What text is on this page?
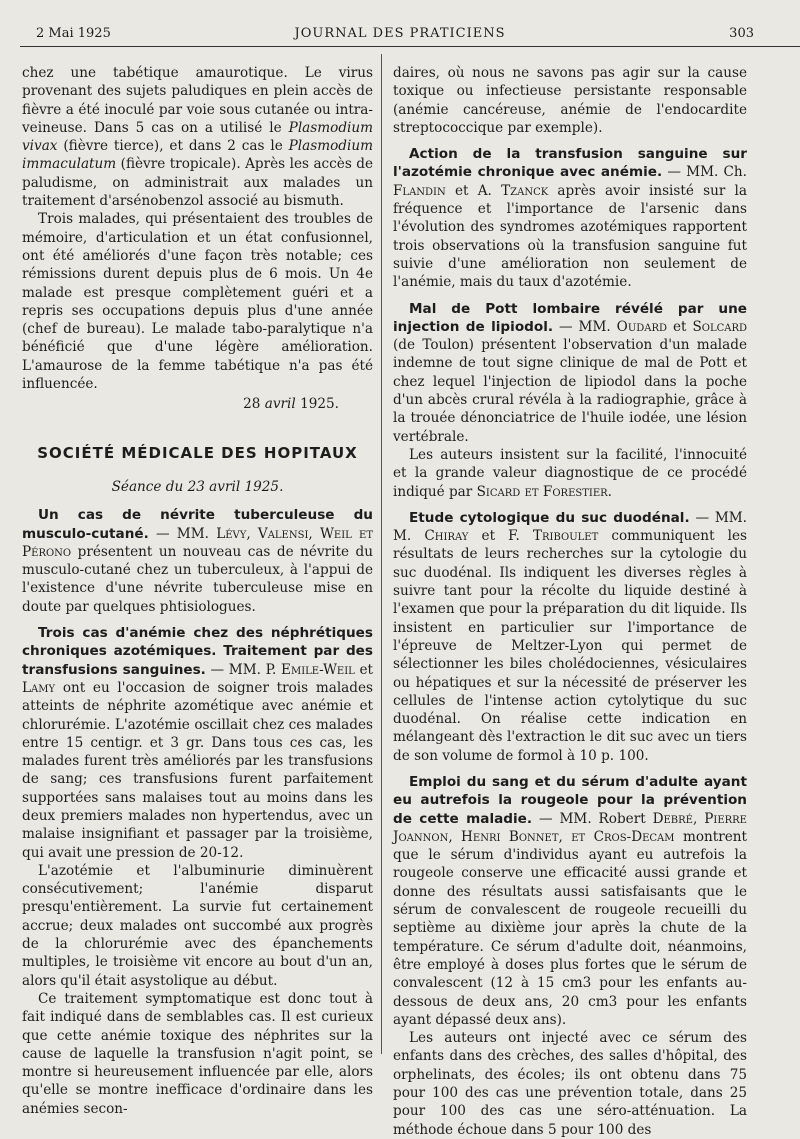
2 Mai 1925	JOURNAL DES PRATICIENS	303

chez une tabétique amaurotique. Le virus provenant des sujets paludiques en plein accès de fièvre a été inoculé par voie sous cutanée ou intra-veineuse. Dans 5 cas on a utilisé le Plasmodium vivax (fièvre tierce), et dans 2 cas le Plasmodium immaculatum (fièvre tropicale). Après les accès de paludisme, on administrait aux malades un traitement d'arsénobenzol associé au bismuth.

Trois malades, qui présentaient des troubles de mémoire, d'articulation et un état confusionnel, ont été améliorés d'une façon très notable; ces rémissions durent depuis plus de 6 mois. Un 4e malade est presque complètement guéri et a repris ses occupations depuis plus d'une année (chef de bureau). Le malade tabo-paralytique n'a bénéficié que d'une légère amélioration. L'amaurose de la femme tabétique n'a pas été influencée.

28 avril 1925.

SOCIÉTÉ MÉDICALE DES HOPITAUX
Séance du 23 avril 1925.

Un cas de névrite tuberculeuse du musculo-cutané. — MM. Lévy, Valensi, Weil et Pérono présentent un nouveau cas de névrite du musculo-cutané chez un tuberculeux, à l'appui de l'existence d'une névrite tuberculeuse mise en doute par quelques phtisiologues.

Trois cas d'anémie chez des néphrétiques chroniques azotémiques. Traitement par des transfusions sanguines. — MM. P. Emile-Weil et Lamy ont eu l'occasion de soigner trois malades atteints de néphrite azométique avec anémie et chlorurémie. L'azotémie oscillait chez ces malades entre 15 centigr. et 3 gr. Dans tous ces cas, les malades furent très améliorés par les transfusions de sang; ces transfusions furent parfaitement supportées sans malaises tout au moins dans les deux premiers malades non hypertendus, avec un malaise insignifiant et passager par la troisième, qui avait une pression de 20-12.

L'azotémie et l'albuminurie diminuèrent consécutivement; l'anémie disparut presqu'entièrement. La survie fut certainement accrue; deux malades ont succombé aux progrès de la chlorurémie avec des épanchements multiples, le troisième vit encore au bout d'un an, alors qu'il était asystolique au début.

Ce traitement symptomatique est donc tout à fait indiqué dans de semblables cas. Il est curieux que cette anémie toxique des néphrites sur la cause de laquelle la transfusion n'agit point, se montre si heureusement influencée par elle, alors qu'elle se montre inefficace d'ordinaire dans les anémies secon-

daires, où nous ne savons pas agir sur la cause toxique ou infectieuse persistante responsable (anémie cancéreuse, anémie de l'endocardite streptococcique par exemple).

Action de la transfusion sanguine sur l'azotémie chronique avec anémie. — MM. Ch. Flandin et A. Tzanck après avoir insisté sur la fréquence et l'importance de l'arsenic dans l'évolution des syndromes azotémiques rapportent trois observations où la transfusion sanguine fut suivie d'une amélioration non seulement de l'anémie, mais du taux d'azotémie.

Mal de Pott lombaire révélé par une injection de lipiodol. — MM. Oudard et Solcard (de Toulon) présentent l'observation d'un malade indemne de tout signe clinique de mal de Pott et chez lequel l'injection de lipiodol dans la poche d'un abcès crural révéla à la radiographie, grâce à la trouée dénonciatrice de l'huile iodée, une lésion vertébrale.

Les auteurs insistent sur la facilité, l'innocuité et la grande valeur diagnostique de ce procédé indiqué par Sicard et Forestier.

Etude cytologique du suc duodénal. — MM. M. Chiray et F. Triboulet communiquent les résultats de leurs recherches sur la cytologie du suc duodénal. Ils indiquent les diverses règles à suivre tant pour la récolte du liquide destiné à l'examen que pour la préparation du dit liquide. Ils insistent en particulier sur l'importance de l'épreuve de Meltzer-Lyon qui permet de sélectionner les biles cholédociennes, vésiculaires ou hépatiques et sur la nécessité de préserver les cellules de l'intense action cytolytique du suc duodénal. On réalise cette indication en mélangeant dès l'extraction le dit suc avec un tiers de son volume de formol à 10 p. 100.

Emploi du sang et du sérum d'adulte ayant eu autrefois la rougeole pour la prévention de cette maladie. — MM. Robert Debré, Pierre Joannon, Henri Bonnet, et Cros-Decam montrent que le sérum d'individus ayant eu autrefois la rougeole conserve une efficacité aussi grande et donne des résultats aussi satisfaisants que le sérum de convalescent de rougeole recueilli du septième au dixième jour après la chute de la température. Ce sérum d'adulte doit, néanmoins, être employé à doses plus fortes que le sérum de convalescent (12 à 15 cm3 pour les enfants au-dessous de deux ans, 20 cm3 pour les enfants ayant dépassé deux ans).

Les auteurs ont injecté avec ce sérum des enfants dans des crèches, des salles d'hôpital, des orphelinats, des écoles; ils ont obtenu dans 75 pour 100 des cas une prévention totale, dans 25 pour 100 des cas une séro-atténuation. La méthode échoue dans 5 pour 100 des
